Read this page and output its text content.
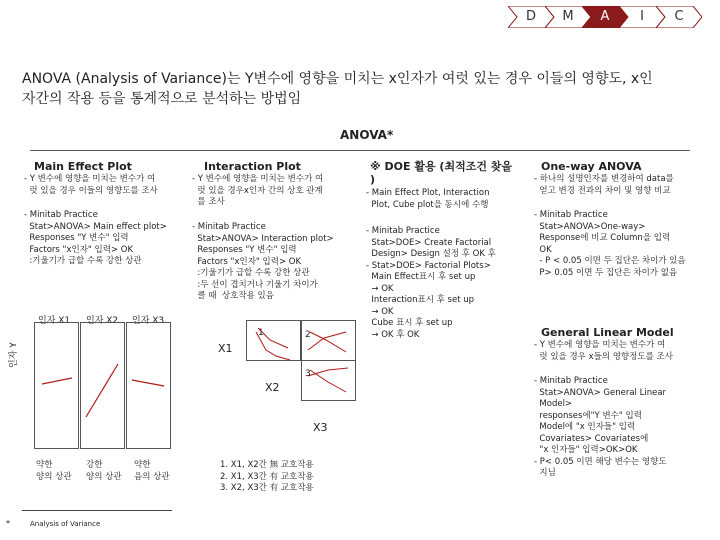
D	M	A	I	C
ANOVA (Analysis of Variance)는 Y변수에 영향을 미치는 x인자가 여럿 있는 경우 이들의 영향도, x인
자간의 작용 등을 통계적으로 분석하는 방법임
ANOVA*
Main Effect Plot
- Y 변수에 영향을 미치는 변수가 여
럿 있을 경우 이들의 영향도를 조사
- Minitab Practice
Stat>ANOVA> Main effect plot>
Responses "Y 변수" 입력
Factors "x인자" 입력> OK
:기울기가 급할 수록 강한 상관
인자 X1 인자 X2 인자 X3
인자 Y
약한
양의 상관
강한
양의 상관
약한
음의 상관
Interaction Plot
- Y 변수에 영향을 미치는 변수가 여
럿 있을 경우x인자 간의 상호 관계
를 조사
- Minitab Practice
Stat>ANOVA> Interaction plot>
Responses "Y 변수" 입력
Factors "x인자" 입력> OK
:기울기가 급할 수록 강한 상관
:두 선이 겹치거나 기울기 차이가
클 때  상호작용 있음
1	2
3
X1
X2
X3
1. X1, X2간 無 교호작용
2. X1, X3간 有 교호작용
3. X2, X3간 有 교호작용
※ DOE 활용 (최적조건 찾을
)
- Main Effect Plot, Interaction
Plot, Cube plot을 동시에 수행
- Minitab Practice
Stat>DOE> Create Factorial
Design> Design 설정 후 OK 후
- Stat>DOE> Factorial Plots>
Main Effect표시 후 set up
→ OK
Interaction표시 후 set up
→ OK
Cube 표시 후 set up
→ OK 후 OK
One-way ANOVA
- 하나의 설명인자를 변경하여 data를
얻고 변경 전과의 차이 및 영향 비교
- Minitab Practice
Stat>ANOVA>One-way>
Response에 비교 Column을 입력
OK
- P < 0.05 이면 두 집단은 차이가 있음
P> 0.05 이면 두 집단은 차이가 없음
General Linear Model
- Y 변수에 영향을 미치는 변수가 여
럿 있을 경우 x들의 영향정도를 조사
- Minitab Practice
Stat>ANOVA> General Linear
Model>
responses에"Y 변수" 입력
Model에 "x 인자들" 입력
Covariates> Covariates에
"x 인자들" 입력>OK>OK
- P< 0.05 이면 해당 변수는 영향도
지님
*	Analysis of Variance
